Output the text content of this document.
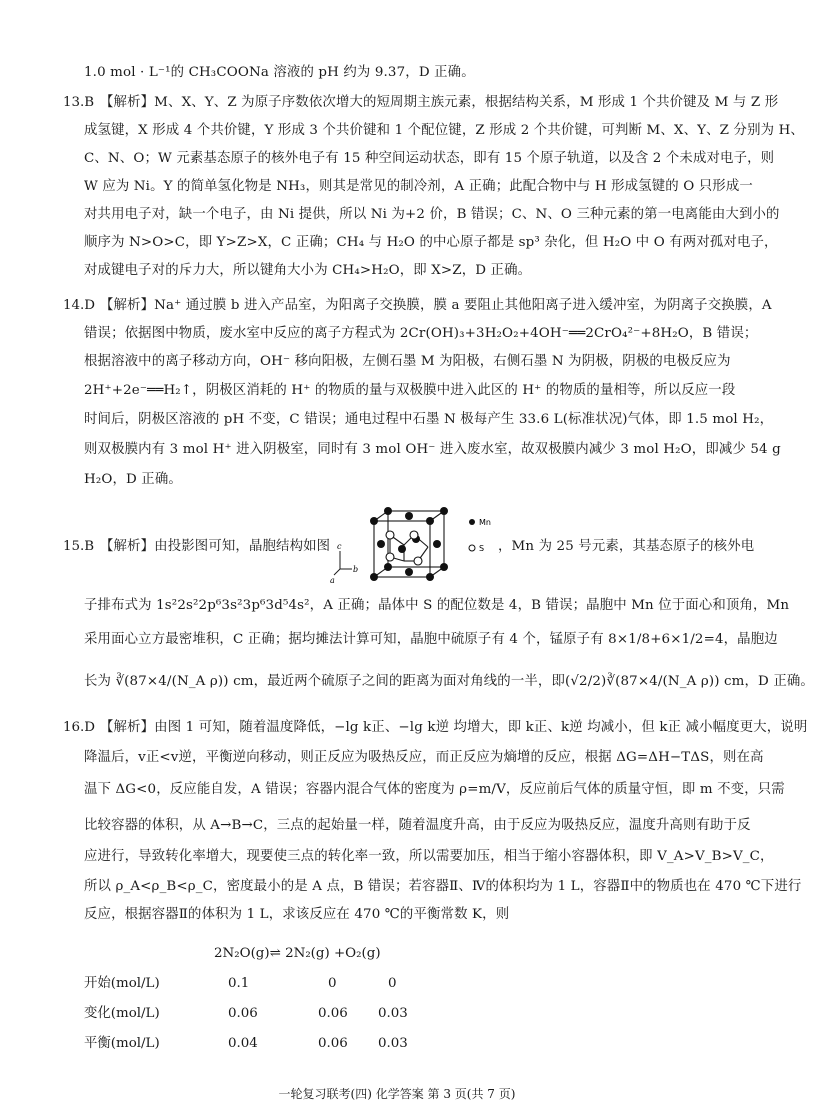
1.0 mol · L⁻¹的 CH₃COONa 溶液的 pH 约为 9.37，D 正确。
13.B 【解析】M、X、Y、Z 为原子序数依次增大的短周期主族元素，根据结构关系，M 形成 1 个共价键及 M 与 Z 形
成氢键，X 形成 4 个共价键，Y 形成 3 个共价键和 1 个配位键，Z 形成 2 个共价键，可判断 M、X、Y、Z 分别为 H、
C、N、O；W 元素基态原子的核外电子有 15 种空间运动状态，即有 15 个原子轨道，以及含 2 个未成对电子，则
W 应为 Ni。Y 的简单氢化物是 NH₃，则其是常见的制冷剂，A 正确；此配合物中与 H 形成氢键的 O 只形成一
对共用电子对，缺一个电子，由 Ni 提供，所以 Ni 为+2 价，B 错误；C、N、O 三种元素的第一电离能由大到小的
顺序为 N>O>C，即 Y>Z>X，C 正确；CH₄ 与 H₂O 的中心原子都是 sp³ 杂化，但 H₂O 中 O 有两对孤对电子，
对成键电子对的斥力大，所以键角大小为 CH₄>H₂O，即 X>Z，D 正确。
14.D 【解析】Na⁺ 通过膜 b 进入产品室，为阳离子交换膜，膜 a 要阻止其他阳离子进入缓冲室，为阴离子交换膜，A
错误；依据图中物质，废水室中反应的离子方程式为 2Cr(OH)₃+3H₂O₂+4OH⁻══2CrO₄²⁻+8H₂O，B 错误；
根据溶液中的离子移动方向，OH⁻ 移向阳极，左侧石墨 M 为阳极，右侧石墨 N 为阴极，阴极的电极反应为
2H⁺+2e⁻══H₂↑，阴极区消耗的 H⁺ 的物质的量与双极膜中进入此区的 H⁺ 的物质的量相等，所以反应一段
时间后，阴极区溶液的 pH 不变，C 错误；通电过程中石墨 N 极每产生 33.6 L(标准状况)气体，即 1.5 mol H₂，
则双极膜内有 3 mol H⁺ 进入阴极室，同时有 3 mol OH⁻ 进入废水室，故双极膜内减少 3 mol H₂O，即减少 54 g
H₂O，D 正确。
15.B 【解析】由投影图可知，晶胞结构如图 c
a
b
Mn
S ，Mn 为 25 号元素，其基态原子的核外电
子排布式为 1s²2s²2p⁶3s²3p⁶3d⁵4s²，A 正确；晶体中 S 的配位数是 4，B 错误；晶胞中 Mn 位于面心和顶角，Mn
采用面心立方最密堆积，C 正确；据均摊法计算可知，晶胞中硫原子有 4 个，锰原子有 8×1/8+6×1/2=4，晶胞边
长为 ∛(87×4/(N_A ρ)) cm，最近两个硫原子之间的距离为面对角线的一半，即(√2/2)∛(87×4/(N_A ρ)) cm，D 正确。
16.D 【解析】由图 1 可知，随着温度降低，−lg k正、−lg k逆 均增大，即 k正、k逆 均减小，但 k正 减小幅度更大，说明
降温后，v正<v逆，平衡逆向移动，则正反应为吸热反应，而正反应为熵增的反应，根据 ΔG=ΔH−TΔS，则在高
温下 ΔG<0，反应能自发，A 错误；容器内混合气体的密度为 ρ=m/V，反应前后气体的质量守恒，即 m 不变，只需
比较容器的体积，从 A→B→C，三点的起始量一样，随着温度升高，由于反应为吸热反应，温度升高则有助于反
应进行，导致转化率增大，现要使三点的转化率一致，所以需要加压，相当于缩小容器体积，即 V_A>V_B>V_C，
所以 ρ_A<ρ_B<ρ_C，密度最小的是 A 点，B 错误；若容器Ⅱ、Ⅳ的体积均为 1 L，容器Ⅱ中的物质也在 470 ℃下进行
反应，根据容器Ⅱ的体积为 1 L，求该反应在 470 ℃的平衡常数 K，则
2N₂O(g)⇌ 2N₂(g) +O₂(g)
开始(mol/L)	0.1	0	0
变化(mol/L)	0.06	0.06 0.03
平衡(mol/L)	0.04	0.06 0.03
一轮复习联考(四) 化学答案 第 3 页(共 7 页)
